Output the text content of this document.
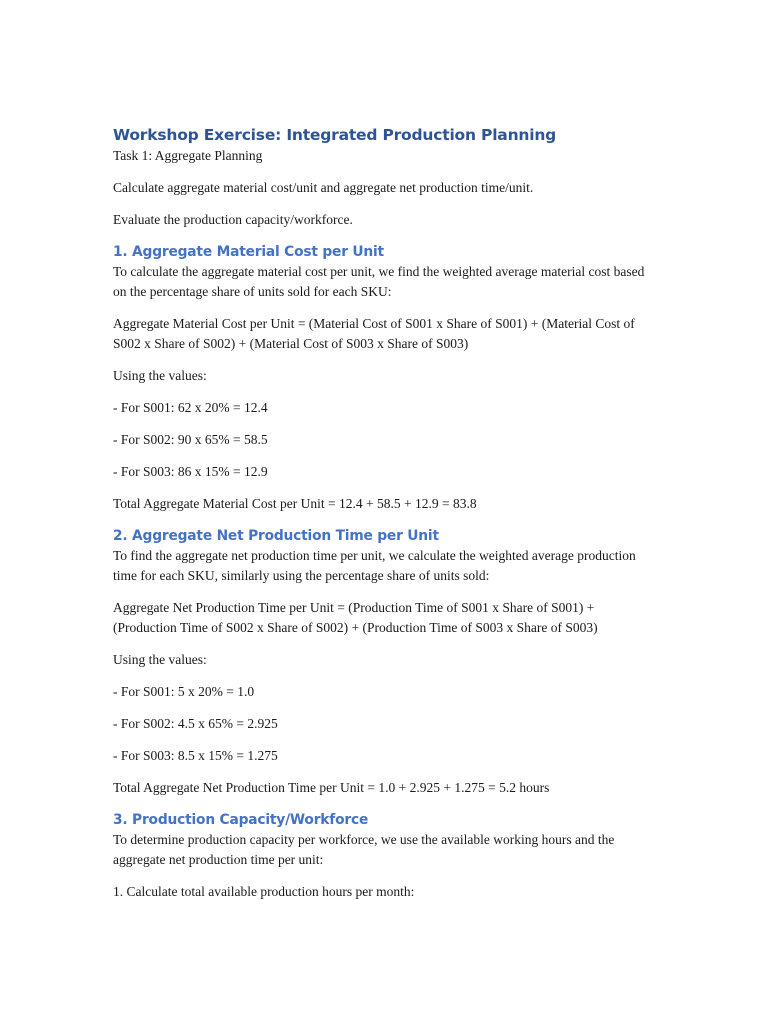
Workshop Exercise: Integrated Production Planning

Task 1: Aggregate Planning

Calculate aggregate material cost/unit and aggregate net production time/unit.

Evaluate the production capacity/workforce.

1. Aggregate Material Cost per Unit

To calculate the aggregate material cost per unit, we find the weighted average material cost based on the percentage share of units sold for each SKU:

Aggregate Material Cost per Unit = (Material Cost of S001 x Share of S001) + (Material Cost of S002 x Share of S002) + (Material Cost of S003 x Share of S003)

Using the values:

- For S001: 62 x 20% = 12.4

- For S002: 90 x 65% = 58.5

- For S003: 86 x 15% = 12.9

Total Aggregate Material Cost per Unit = 12.4 + 58.5 + 12.9 = 83.8

2. Aggregate Net Production Time per Unit

To find the aggregate net production time per unit, we calculate the weighted average production time for each SKU, similarly using the percentage share of units sold:

Aggregate Net Production Time per Unit = (Production Time of S001 x Share of S001) + (Production Time of S002 x Share of S002) + (Production Time of S003 x Share of S003)

Using the values:

- For S001: 5 x 20% = 1.0

- For S002: 4.5 x 65% = 2.925

- For S003: 8.5 x 15% = 1.275

Total Aggregate Net Production Time per Unit = 1.0 + 2.925 + 1.275 = 5.2 hours

3. Production Capacity/Workforce

To determine production capacity per workforce, we use the available working hours and the aggregate net production time per unit:

1. Calculate total available production hours per month:
